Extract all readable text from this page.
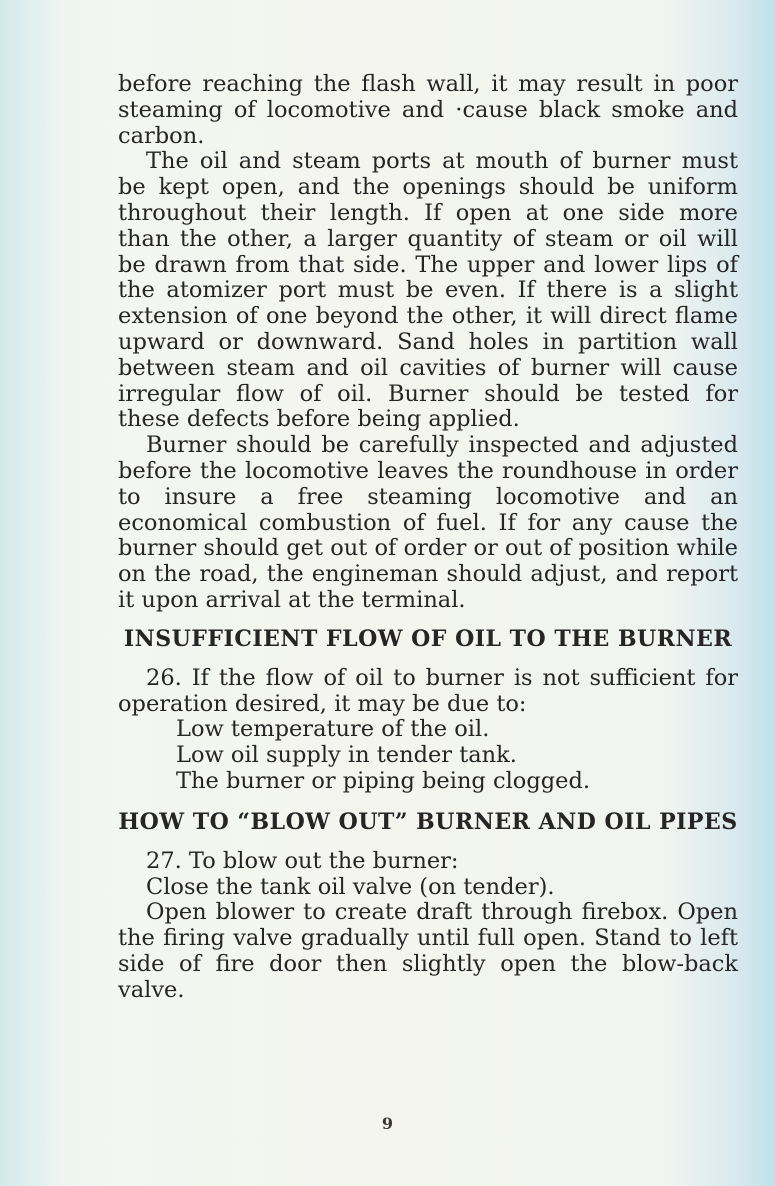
before reaching the flash wall, it may result in poor steaming of locomotive and ·cause black smoke and carbon.

The oil and steam ports at mouth of burner must be kept open, and the openings should be uniform throughout their length. If open at one side more than the other, a larger quantity of steam or oil will be drawn from that side. The upper and lower lips of the atomizer port must be even. If there is a slight extension of one beyond the other, it will direct flame upward or downward. Sand holes in partition wall between steam and oil cavities of burner will cause irregular flow of oil. Burner should be tested for these defects before being applied.

Burner should be carefully inspected and adjusted before the locomotive leaves the roundhouse in order to insure a free steaming locomotive and an economical combustion of fuel. If for any cause the burner should get out of order or out of position while on the road, the engineman should adjust, and report it upon arrival at the terminal.

INSUFFICIENT FLOW OF OIL TO THE BURNER

26. If the flow of oil to burner is not sufficient for operation desired, it may be due to:

Low temperature of the oil.

Low oil supply in tender tank.

The burner or piping being clogged.

HOW TO “BLOW OUT” BURNER AND OIL PIPES

27. To blow out the burner:

Close the tank oil valve (on tender).

Open blower to create draft through firebox. Open the firing valve gradually until full open. Stand to left side of fire door then slightly open the blow-back valve.

9
